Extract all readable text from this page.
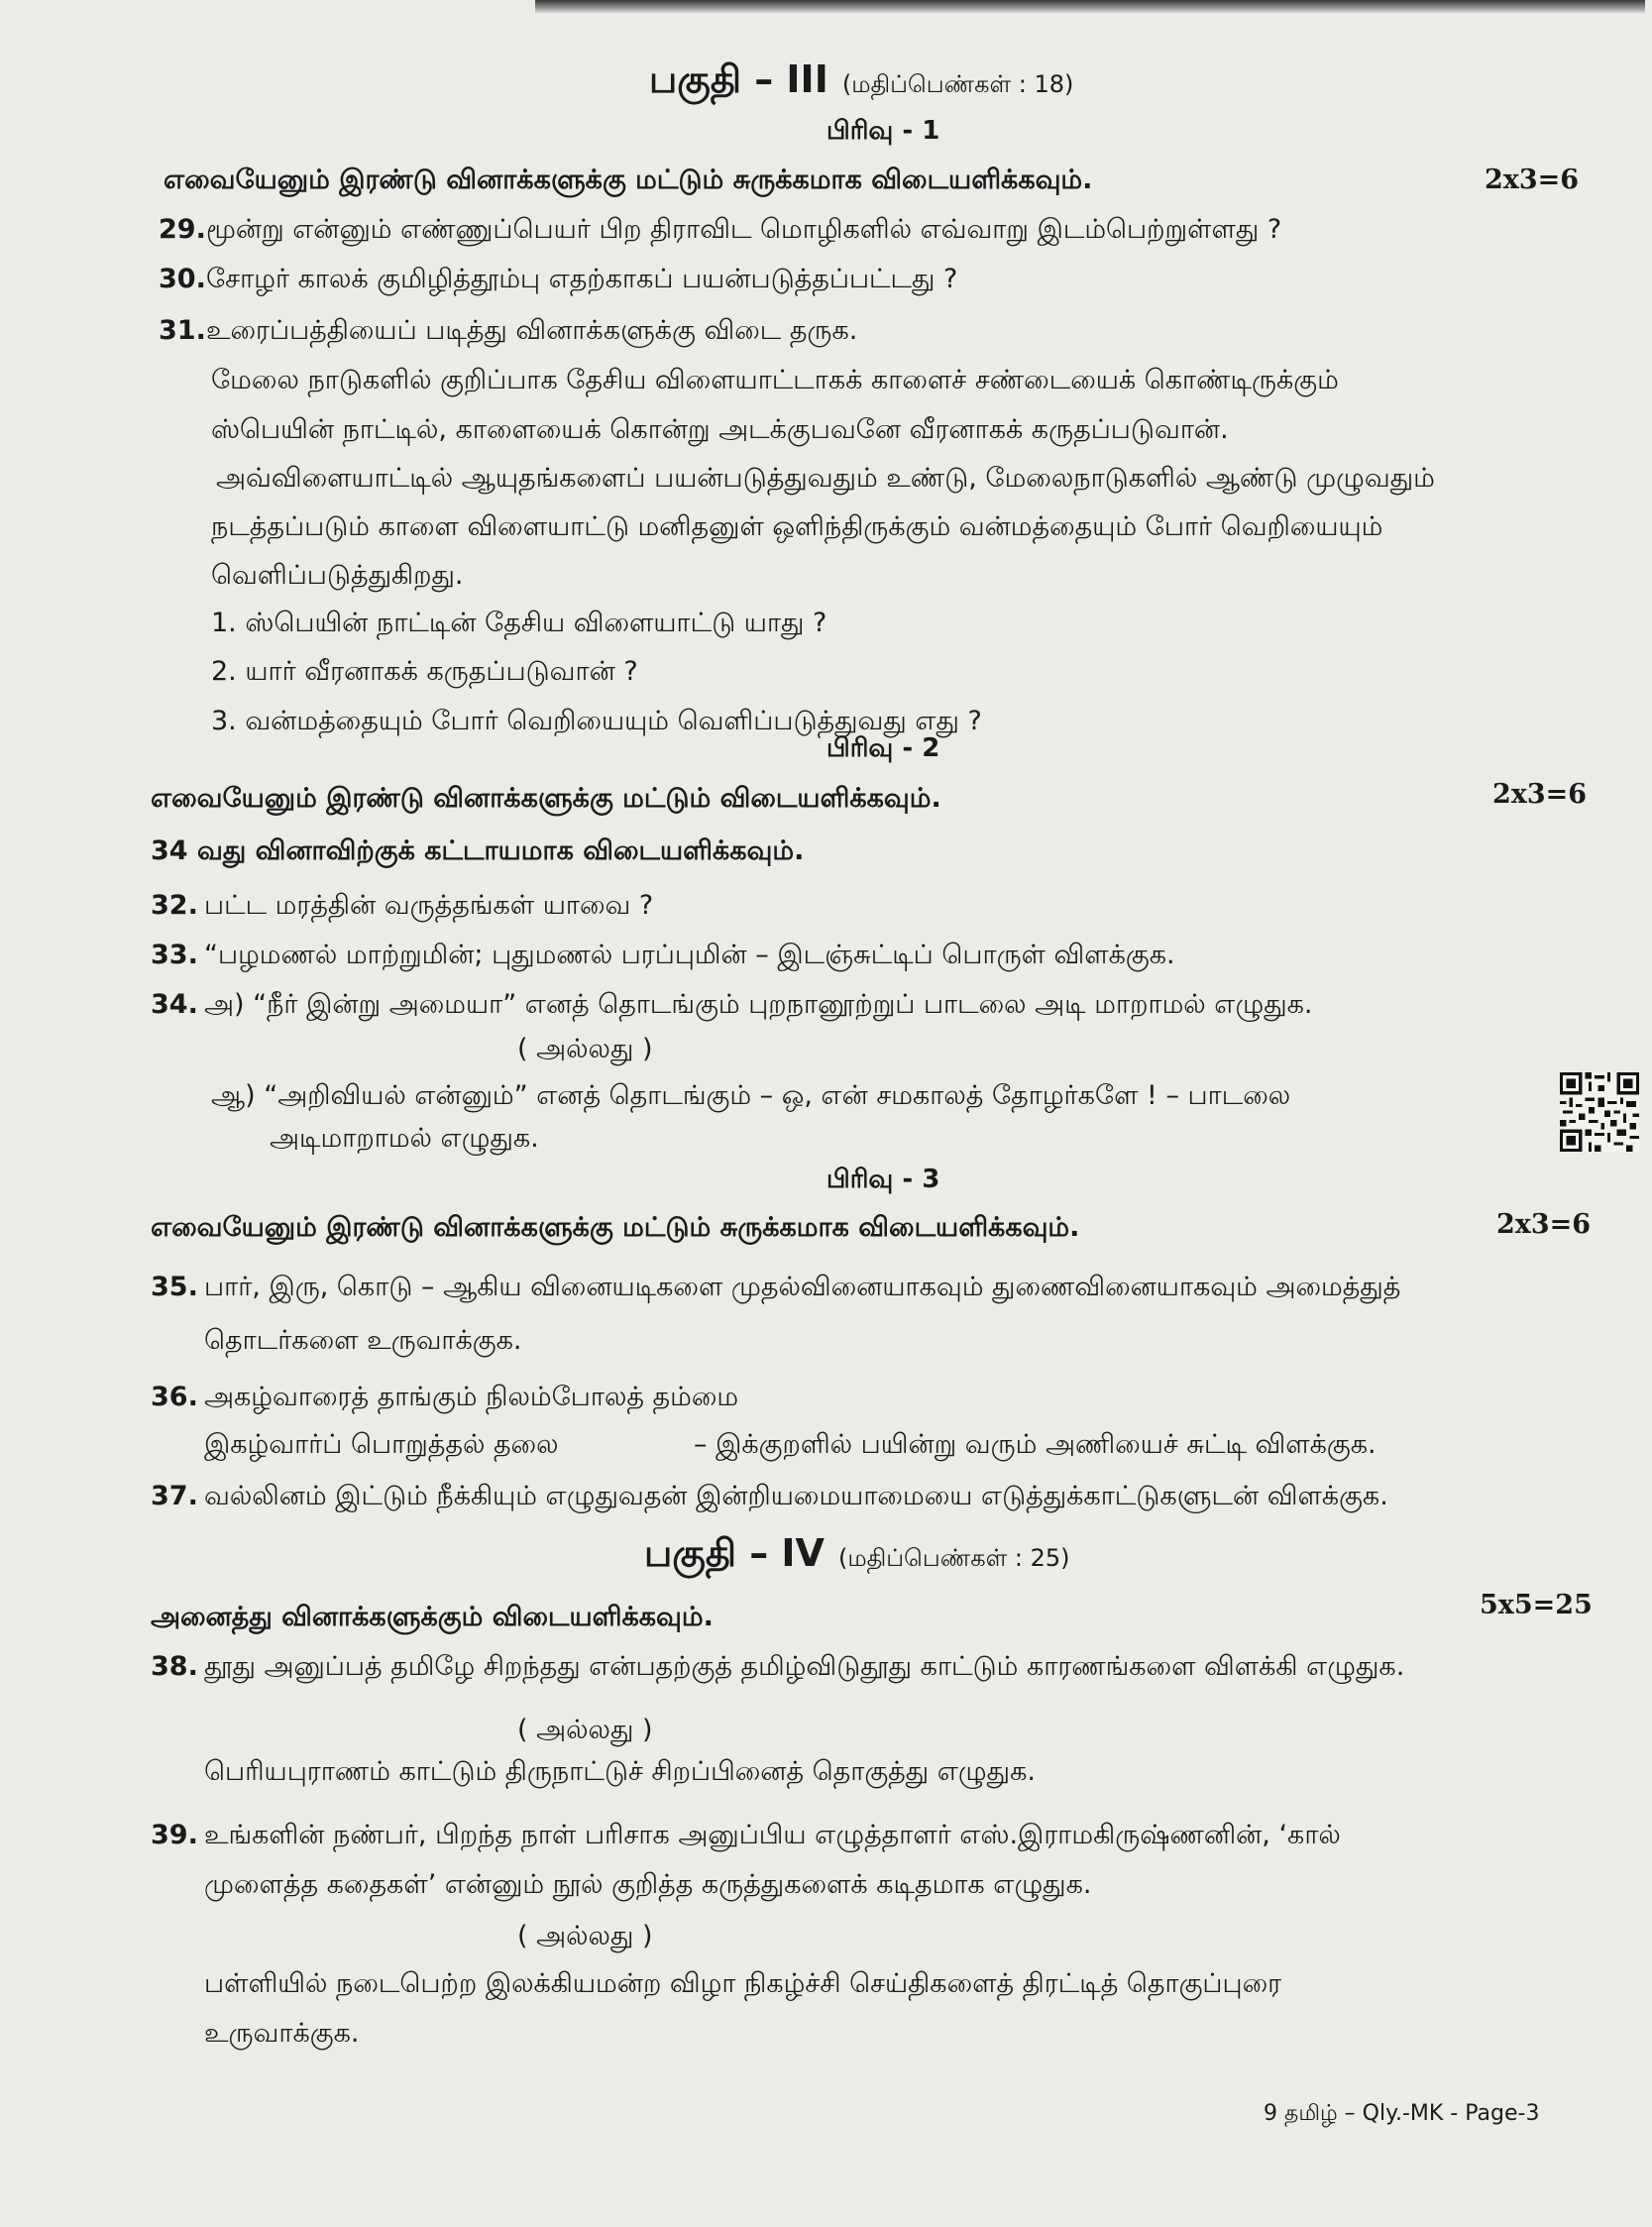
பகுதி – III (மதிப்பெண்கள் : 18)
பிரிவு - 1
எவையேனும் இரண்டு வினாக்களுக்கு மட்டும் சுருக்கமாக விடையளிக்கவும்.	2x3=6
29.மூன்று என்னும் எண்ணுப்பெயர் பிற திராவிட மொழிகளில் எவ்வாறு இடம்பெற்றுள்ளது ?
30.சோழர் காலக் குமிழித்தூம்பு எதற்காகப் பயன்படுத்தப்பட்டது ?
31.உரைப்பத்தியைப் படித்து வினாக்களுக்கு விடை தருக.
மேலை நாடுகளில் குறிப்பாக தேசிய விளையாட்டாகக் காளைச் சண்டையைக் கொண்டிருக்கும்
ஸ்பெயின் நாட்டில், காளையைக் கொன்று அடக்குபவனே வீரனாகக் கருதப்படுவான்.
அவ்விளையாட்டில் ஆயுதங்களைப் பயன்படுத்துவதும் உண்டு, மேலைநாடுகளில் ஆண்டு முழுவதும்
நடத்தப்படும் காளை விளையாட்டு மனிதனுள் ஒளிந்திருக்கும் வன்மத்தையும் போர் வெறியையும்
வெளிப்படுத்துகிறது.
1. ஸ்பெயின் நாட்டின் தேசிய விளையாட்டு யாது ?
2. யார் வீரனாகக் கருதப்படுவான் ?
3. வன்மத்தையும் போர் வெறியையும் வெளிப்படுத்துவது எது ?
பிரிவு - 2
எவையேனும் இரண்டு வினாக்களுக்கு மட்டும் விடையளிக்கவும்.	2x3=6
34 வது வினாவிற்குக் கட்டாயமாக விடையளிக்கவும்.
32. பட்ட மரத்தின் வருத்தங்கள் யாவை ?
33. “பழமணல் மாற்றுமின்; புதுமணல் பரப்புமின் – இடஞ்சுட்டிப் பொருள் விளக்குக.
34. அ) “நீர் இன்று அமையா” எனத் தொடங்கும் புறநானூற்றுப் பாடலை அடி மாறாமல் எழுதுக.
( அல்லது )
ஆ) “அறிவியல் என்னும்” எனத் தொடங்கும் – ஒ, என் சமகாலத் தோழர்களே ! – பாடலை
அடிமாறாமல் எழுதுக.
பிரிவு - 3
எவையேனும் இரண்டு வினாக்களுக்கு மட்டும் சுருக்கமாக விடையளிக்கவும்.	2x3=6
35. பார், இரு, கொடு – ஆகிய வினையடிகளை முதல்வினையாகவும் துணைவினையாகவும் அமைத்துத்
தொடர்களை உருவாக்குக.
36. அகழ்வாரைத் தாங்கும் நிலம்போலத் தம்மை
இகழ்வார்ப் பொறுத்தல் தலை	– இக்குறளில் பயின்று வரும் அணியைச் சுட்டி விளக்குக.
37. வல்லினம் இட்டும் நீக்கியும் எழுதுவதன் இன்றியமையாமையை எடுத்துக்காட்டுகளுடன் விளக்குக.
பகுதி – IV (மதிப்பெண்கள் : 25)
அனைத்து வினாக்களுக்கும் விடையளிக்கவும்.	5x5=25
38. தூது அனுப்பத் தமிழே சிறந்தது என்பதற்குத் தமிழ்விடுதூது காட்டும் காரணங்களை விளக்கி எழுதுக.
( அல்லது )
பெரியபுராணம் காட்டும் திருநாட்டுச் சிறப்பினைத் தொகுத்து எழுதுக.
39. உங்களின் நண்பர், பிறந்த நாள் பரிசாக அனுப்பிய எழுத்தாளர் எஸ்.இராமகிருஷ்ணனின், ‘கால்
முளைத்த கதைகள்’ என்னும் நூல் குறித்த கருத்துகளைக் கடிதமாக எழுதுக.
( அல்லது )
பள்ளியில் நடைபெற்ற இலக்கியமன்ற விழா நிகழ்ச்சி செய்திகளைத் திரட்டித் தொகுப்புரை
உருவாக்குக.
9 தமிழ் – Qly.-MK - Page-3
